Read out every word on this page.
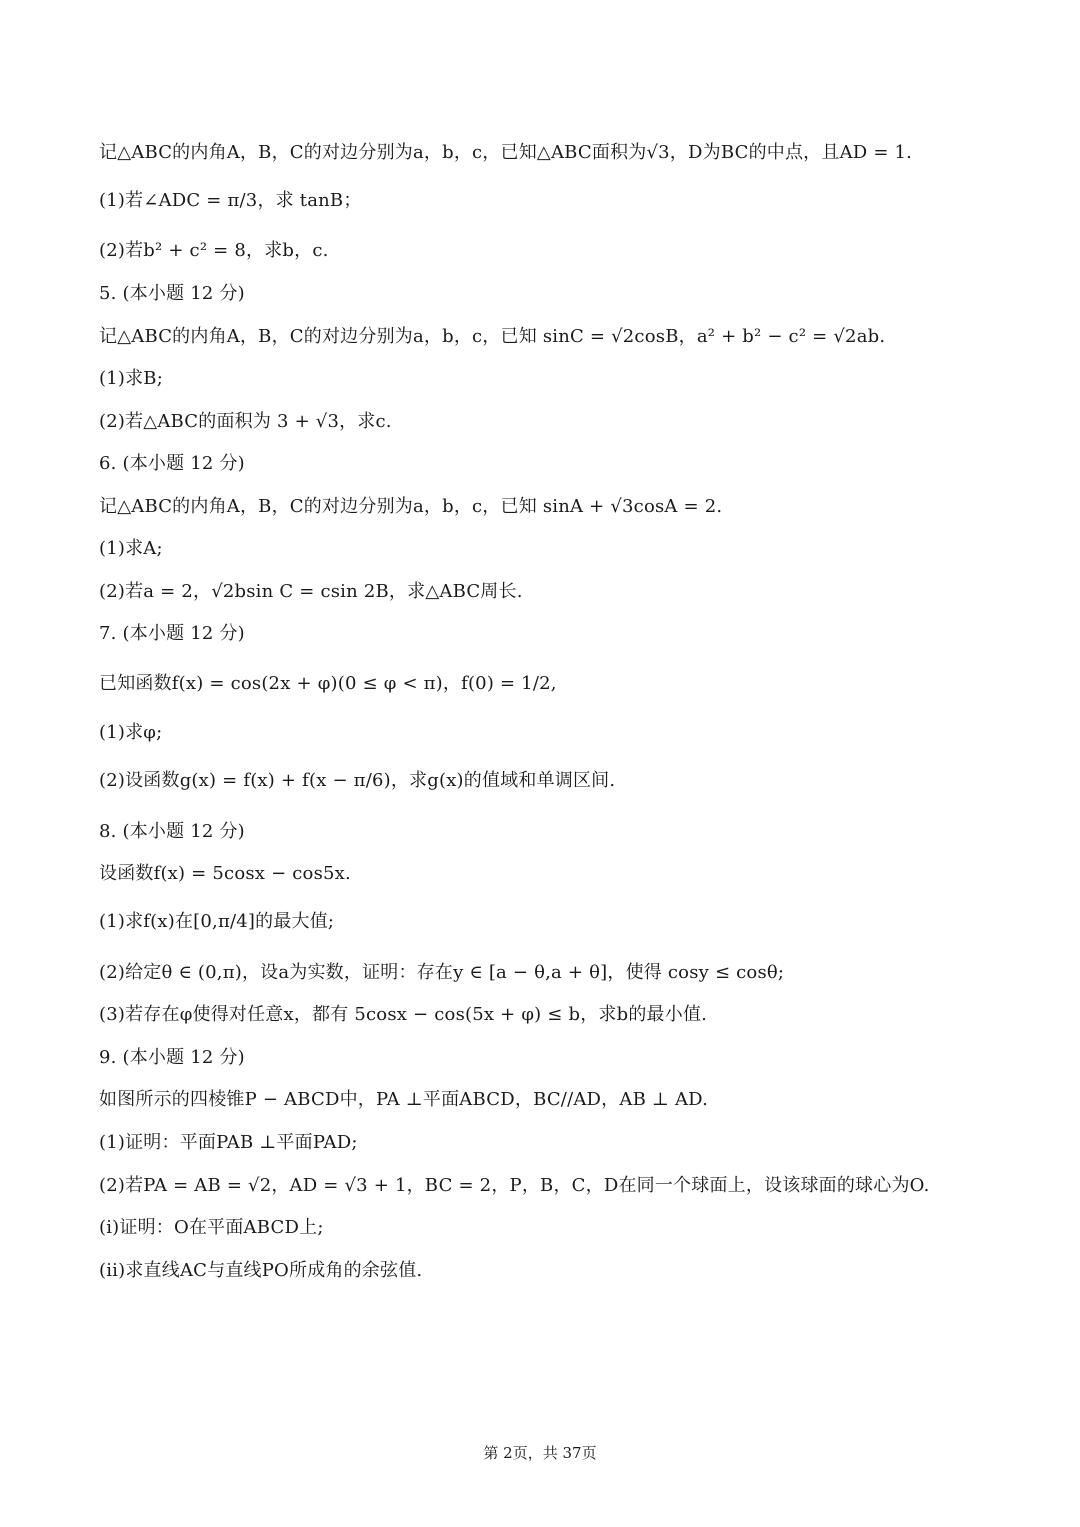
记△ABC的内角A，B，C的对边分别为a，b，c，已知△ABC面积为√3，D为BC的中点，且AD = 1.
(1)若∠ADC = π/3，求 tanB；
(2)若b² + c² = 8，求b，c.
5. (本小题 12 分)
记△ABC的内角A，B，C的对边分别为a，b，c，已知 sinC = √2cosB，a² + b² − c² = √2ab.
(1)求B;
(2)若△ABC的面积为 3 + √3，求c.
6. (本小题 12 分)
记△ABC的内角A，B，C的对边分别为a，b，c，已知 sinA + √3cosA = 2.
(1)求A;
(2)若a = 2，√2bsin C = csin 2B，求△ABC周长.
7. (本小题 12 分)
已知函数f(x) = cos(2x + φ)(0 ≤ φ < π)，f(0) = 1/2,
(1)求φ;
(2)设函数g(x) = f(x) + f(x − π/6)，求g(x)的值域和单调区间.
8. (本小题 12 分)
设函数f(x) = 5cosx − cos5x.
(1)求f(x)在[0,π/4]的最大值;
(2)给定θ ∈ (0,π)，设a为实数，证明：存在y ∈ [a − θ,a + θ]，使得 cosy ≤ cosθ;
(3)若存在φ使得对任意x，都有 5cosx − cos(5x + φ) ≤ b，求b的最小值.
9. (本小题 12 分)
如图所示的四棱锥P − ABCD中，PA ⊥平面ABCD，BC//AD，AB ⊥ AD.
(1)证明：平面PAB ⊥平面PAD;
(2)若PA = AB = √2，AD = √3 + 1，BC = 2，P，B，C，D在同一个球面上，设该球面的球心为O.
(i)证明：O在平面ABCD上;
(ii)求直线AC与直线PO所成角的余弦值.
第 2页，共 37页
